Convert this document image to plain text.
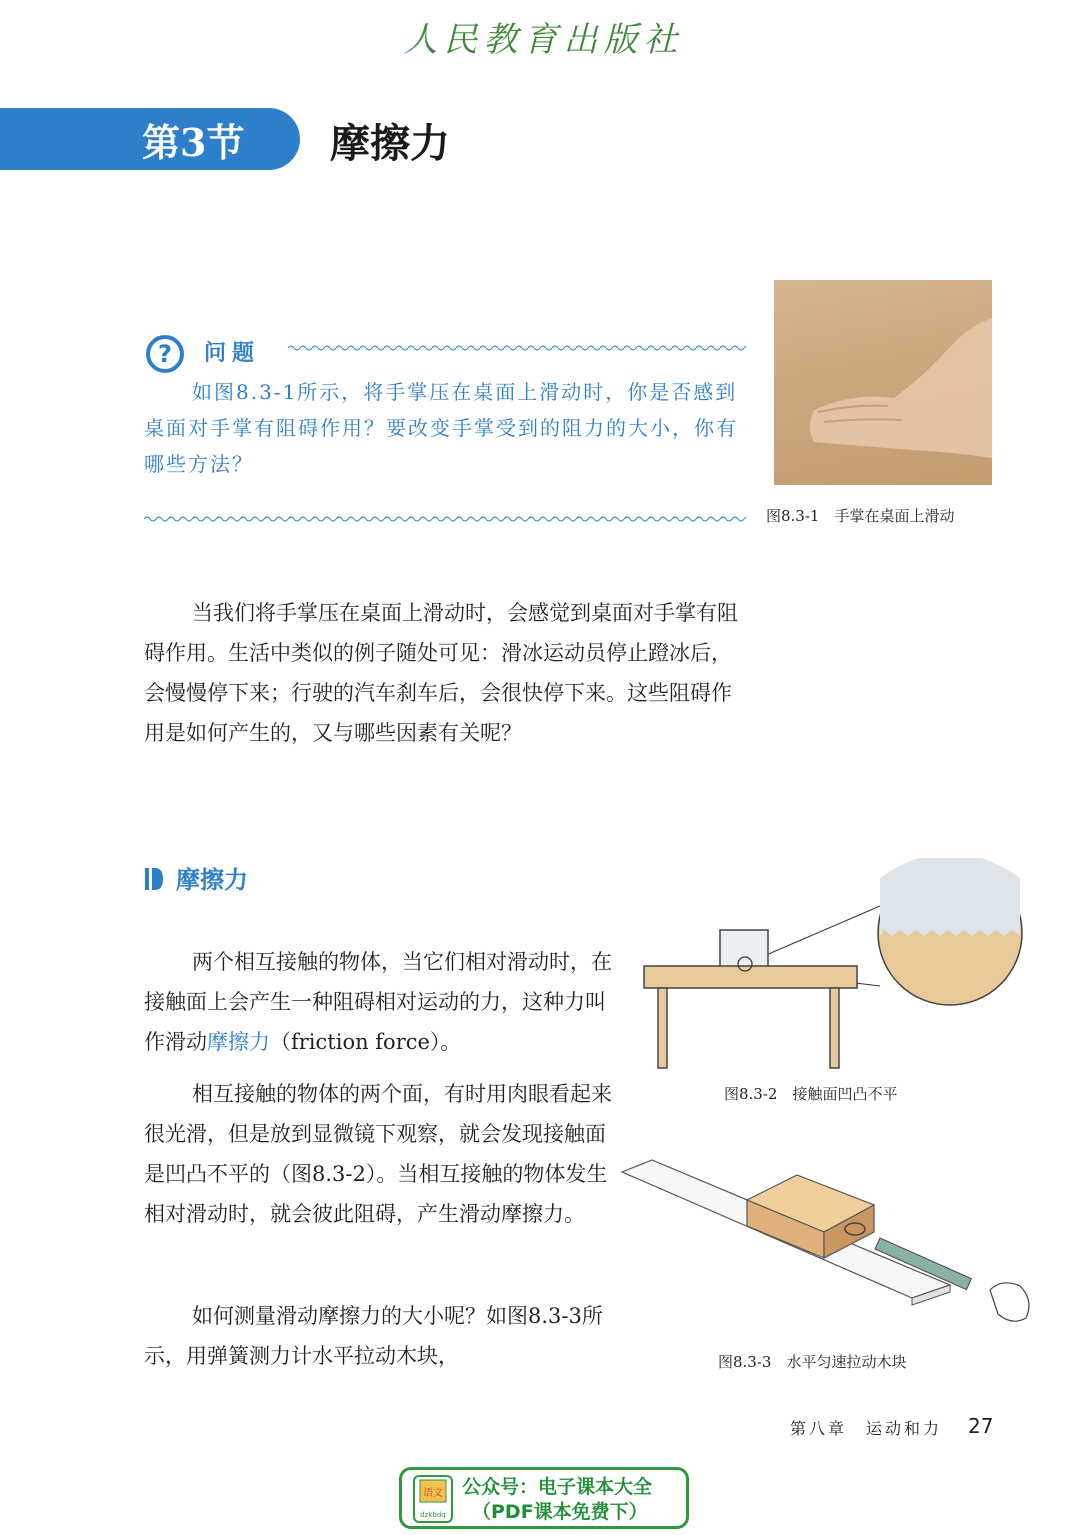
人民教育出版社
第3节 摩擦力
?	问题
如图8.3-1所示，将手掌压在桌面上滑动时，你是否感到桌面对手掌有阻碍作用？要改变手掌受到的阻力的大小，你有哪些方法？
图8.3-1　手掌在桌面上滑动

当我们将手掌压在桌面上滑动时，会感觉到桌面对手掌有阻碍作用。生活中类似的例子随处可见：滑冰运动员停止蹬冰后，会慢慢停下来；行驶的汽车刹车后，会很快停下来。这些阻碍作用是如何产生的，又与哪些因素有关呢？

摩擦力

两个相互接触的物体，当它们相对滑动时，在接触面上会产生一种阻碍相对运动的力，这种力叫作滑动摩擦力（friction force）。

相互接触的物体的两个面，有时用肉眼看起来很光滑，但是放到显微镜下观察，就会发现接触面是凹凸不平的（图8.3-2）。当相互接触的物体发生相对滑动时，就会彼此阻碍，产生滑动摩擦力。

如何测量滑动摩擦力的大小呢？如图8.3-3所示，用弹簧测力计水平拉动木块，

图8.3-2　接触面凹凸不平
图8.3-3　水平匀速拉动木块
第八章　运动和力 27
语文
dzkbdq
公众号：电子课本大全
（PDF课本免费下）
